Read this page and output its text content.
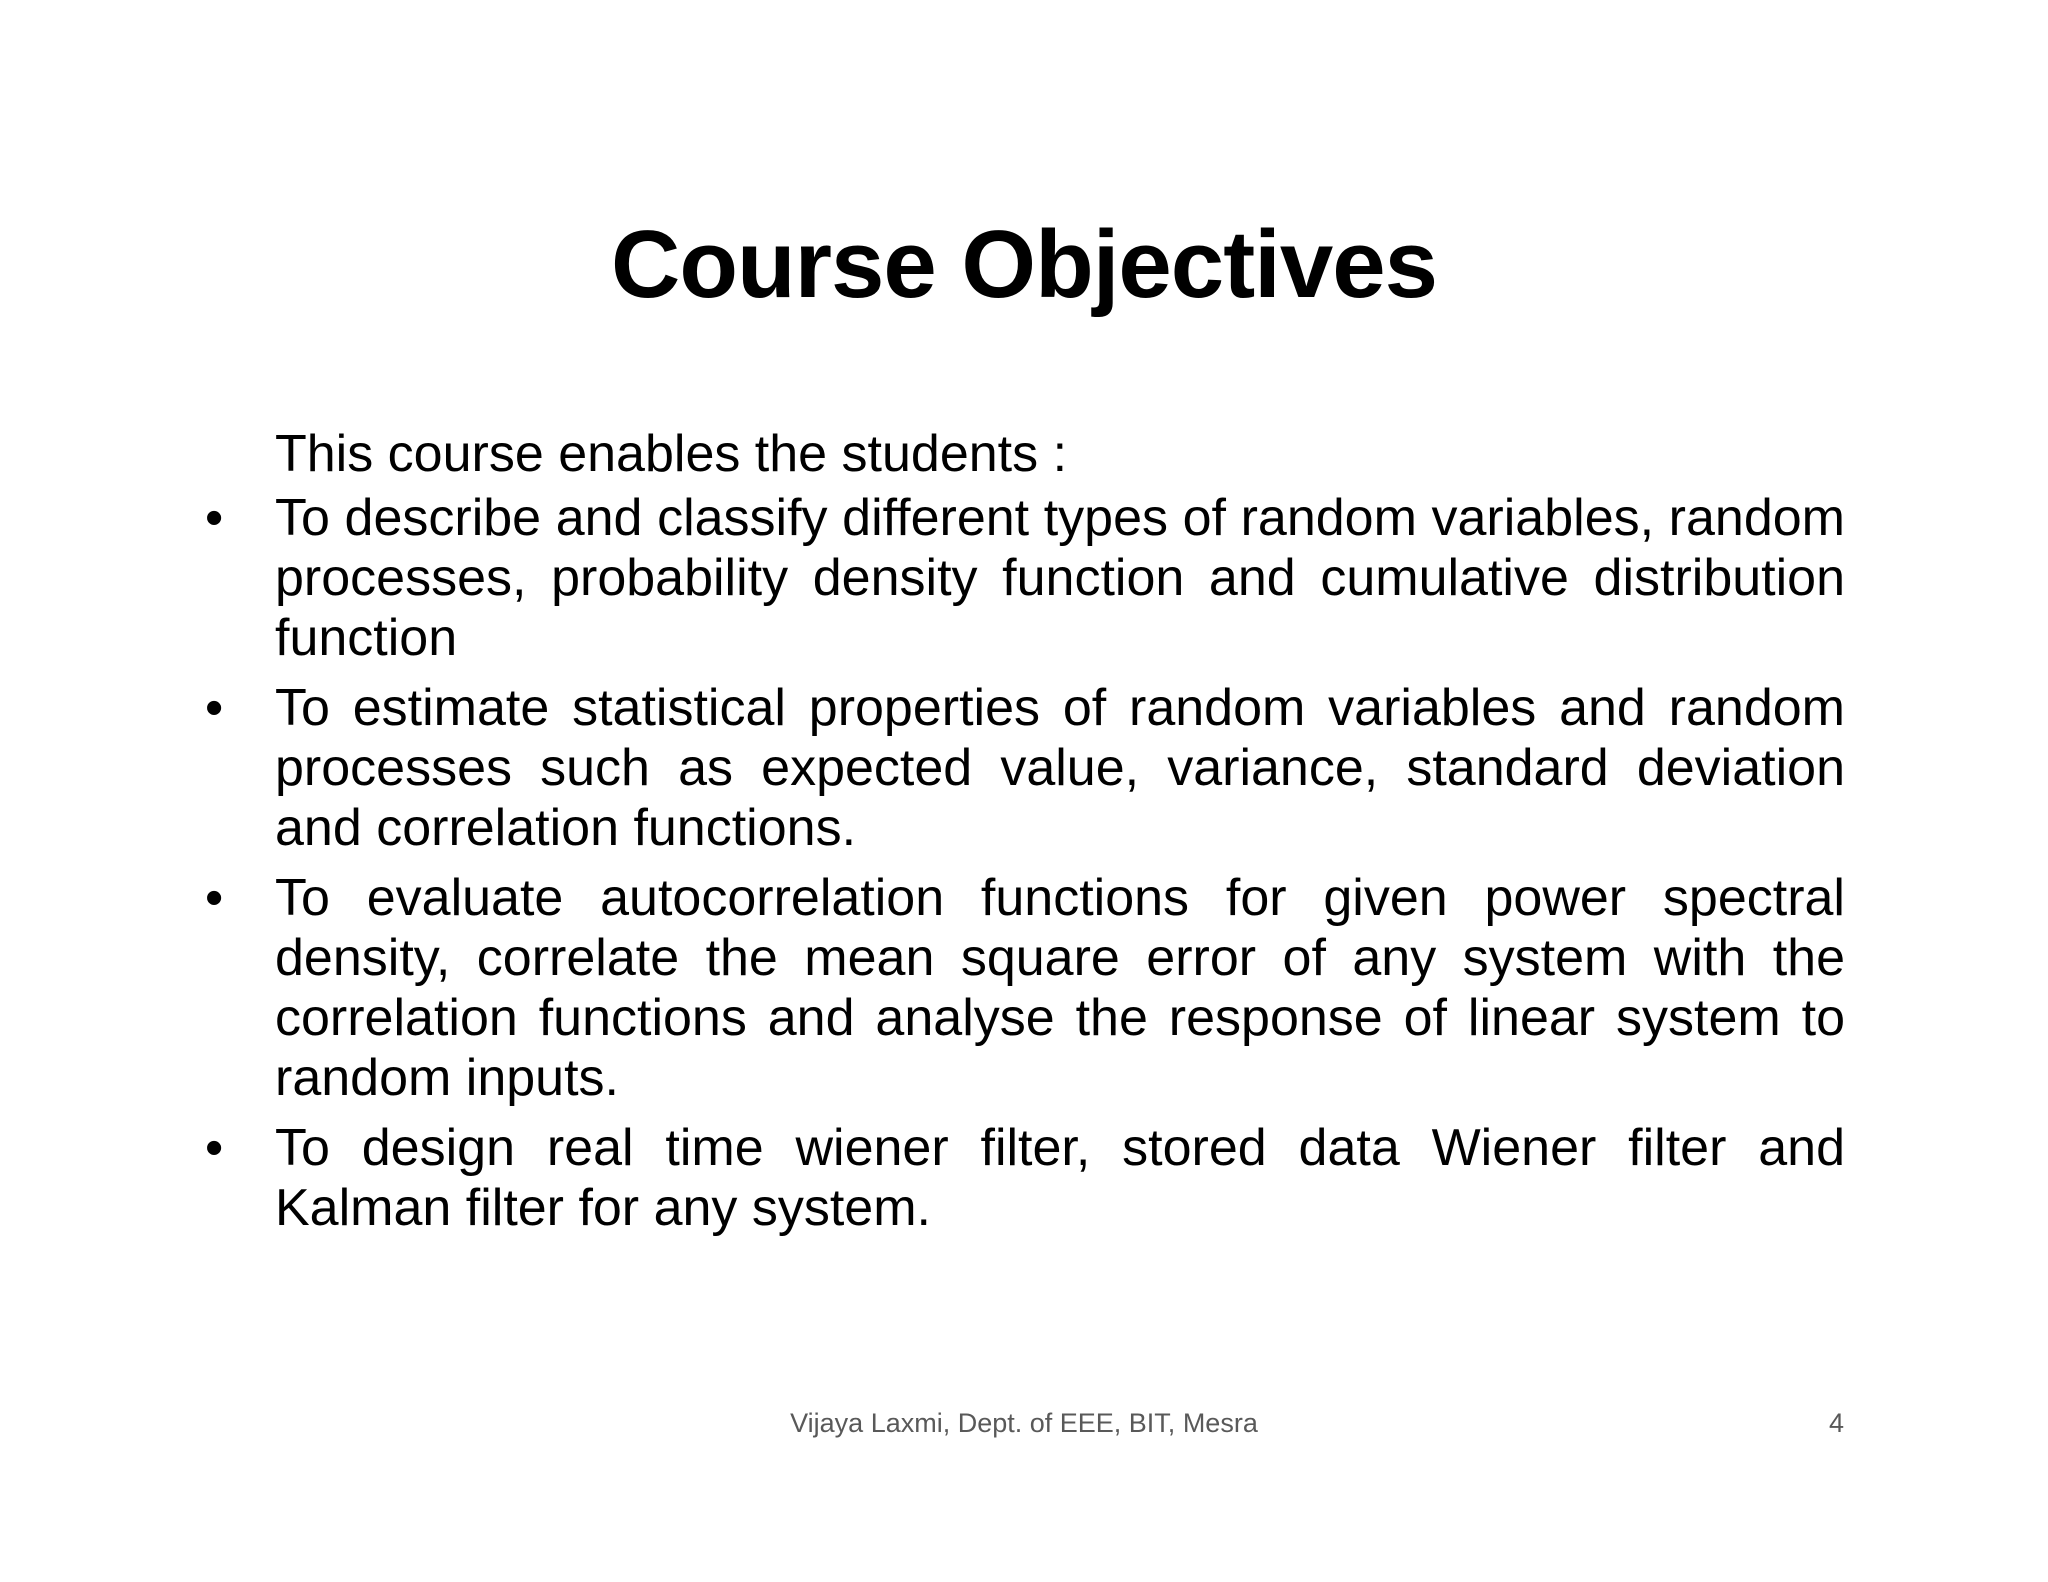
Course Objectives

This course enables the students :

• To describe and classify different types of random variables, random processes, probability density function and cumulative distribution function
• To estimate statistical properties of random variables and random processes such as expected value, variance, standard deviation and correlation functions.
• To evaluate autocorrelation functions for given power spectral density, correlate the mean square error of any system with the correlation functions and analyse the response of linear system to random inputs.
• To design real time wiener filter, stored data Wiener filter and Kalman filter for any system.
Vijaya Laxmi, Dept. of EEE, BIT, Mesra	4
